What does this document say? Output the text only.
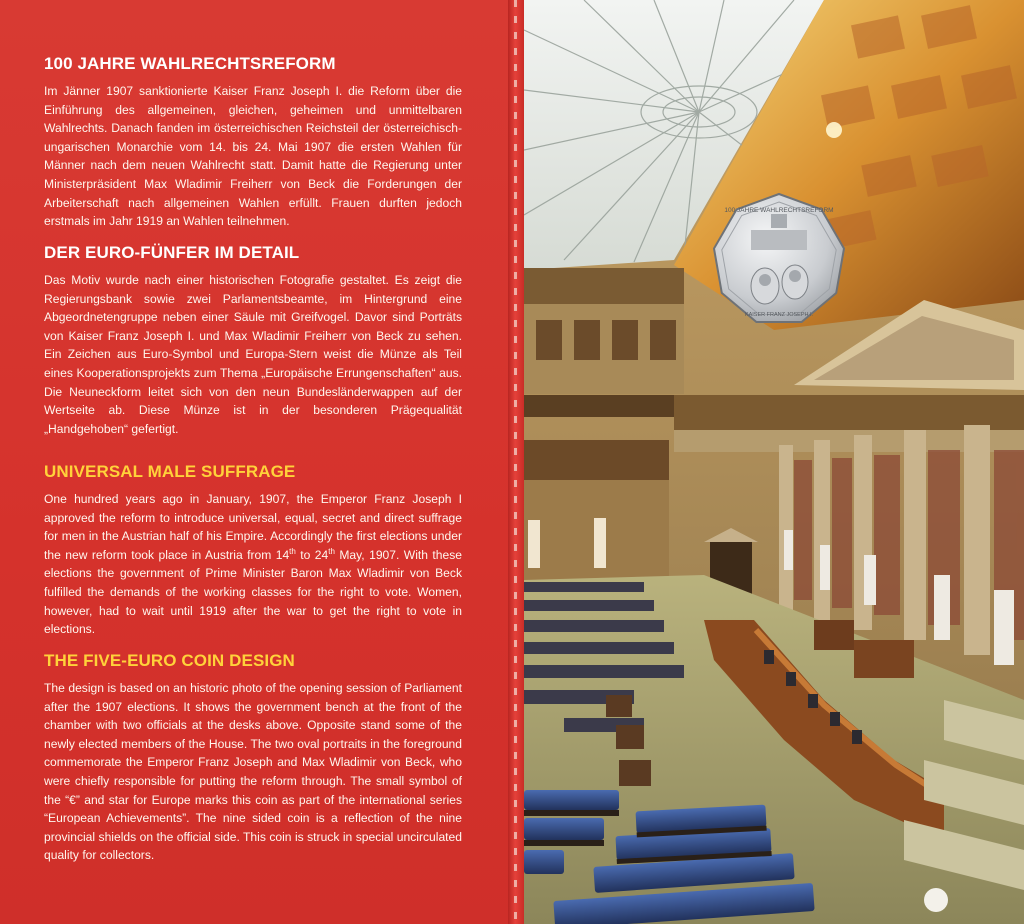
100 JAHRE WAHLRECHTSREFORM

Im Jänner 1907 sanktionierte Kaiser Franz Joseph I. die Reform über die Einführung des allgemeinen, gleichen, geheimen und unmittelbaren Wahlrechts. Danach fanden im österreichischen Reichsteil der österreichisch-ungarischen Monarchie vom 14. bis 24. Mai 1907 die ersten Wahlen für Männer nach dem neuen Wahlrecht statt. Damit hatte die Regierung unter Ministerpräsident Max Wladimir Freiherr von Beck die Forderungen der Arbeiterschaft nach allgemeinen Wahlen erfüllt. Frauen durften jedoch erstmals im Jahr 1919 an Wahlen teilnehmen.

DER EURO-FÜNFER IM DETAIL

Das Motiv wurde nach einer historischen Fotografie gestaltet. Es zeigt die Regierungsbank sowie zwei Parlamentsbeamte, im Hintergrund eine Abgeordnetengruppe neben einer Säule mit Greifvogel. Davor sind Porträts von Kaiser Franz Joseph I. und Max Wladimir Freiherr von Beck zu sehen. Ein Zeichen aus Euro-Symbol und Europa-Stern weist die Münze als Teil eines Kooperationsprojekts zum Thema „Europäische Errungenschaften“ aus. Die Neuneckform leitet sich von den neun Bundesländerwappen auf der Wertseite ab. Diese Münze ist in der besonderen Prägequalität „Handgehoben“ gefertigt.

UNIVERSAL MALE SUFFRAGE

One hundred years ago in January, 1907, the Emperor Franz Joseph I approved the reform to introduce universal, equal, secret and direct suffrage for men in the Austrian half of his Empire. Accordingly the first elections under the new reform took place in Austria from 14th to 24th May, 1907. With these elections the government of Prime Minister Baron Max Wladimir von Beck fulfilled the demands of the working classes for the right to vote. Women, however, had to wait until 1919 after the war to get the right to vote in elections.

THE FIVE-EURO COIN DESIGN

The design is based on an historic photo of the opening session of Parliament after the 1907 elections. It shows the government bench at the front of the chamber with two officials at the desks above. Opposite stand some of the newly elected members of the House. The two oval portraits in the foreground commemorate the Emperor Franz Joseph and Max Wladimir von Beck, who were chiefly responsible for putting the reform through. The small symbol of the “€” and star for Europe marks this coin as part of the international series “European Achievements”. The nine sided coin is a reflection of the nine provincial shields on the official side. This coin is struck in special uncirculated quality for collectors.

100 JAHRE WAHLRECHTSREFORM
KAISER FRANZ JOSEPH I.
